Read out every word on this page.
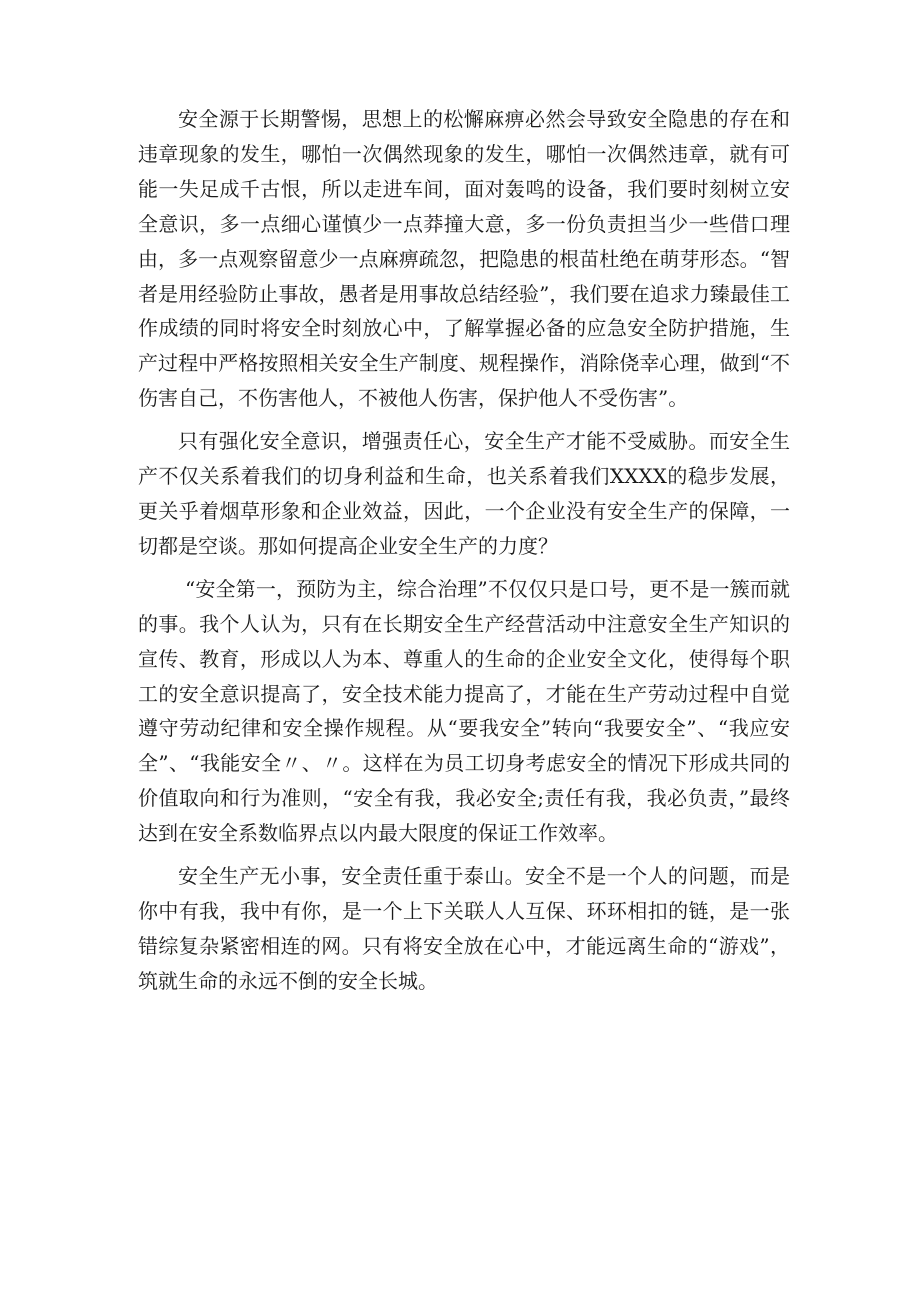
安全源于长期警惕，思想上的松懈麻痹必然会导致安全隐患的存在和违章现象的发生，哪怕一次偶然现象的发生，哪怕一次偶然违章，就有可能一失足成千古恨，所以走进车间，面对轰鸣的设备，我们要时刻树立安全意识，多一点细心谨慎少一点莽撞大意，多一份负责担当少一些借口理由，多一点观察留意少一点麻痹疏忽，把隐患的根苗杜绝在萌芽形态。“智者是用经验防止事故，愚者是用事故总结经验”，我们要在追求力臻最佳工作成绩的同时将安全时刻放心中，了解掌握必备的应急安全防护措施，生产过程中严格按照相关安全生产制度、规程操作，消除侥幸心理，做到“不伤害自己，不伤害他人，不被他人伤害，保护他人不受伤害”。

只有强化安全意识，增强责任心，安全生产才能不受威胁。而安全生产不仅关系着我们的切身利益和生命，也关系着我们XXXX的稳步发展，更关乎着烟草形象和企业效益，因此，一个企业没有安全生产的保障，一切都是空谈。那如何提高企业安全生产的力度？

“安全第一，预防为主，综合治理”不仅仅只是口号，更不是一簇而就的事。我个人认为，只有在长期安全生产经营活动中注意安全生产知识的宣传、教育，形成以人为本、尊重人的生命的企业安全文化，使得每个职工的安全意识提高了，安全技术能力提高了，才能在生产劳动过程中自觉遵守劳动纪律和安全操作规程。从“要我安全”转向“我要安全”、“我应安全”、“我能安全〃、〃。这样在为员工切身考虑安全的情况下形成共同的价值取向和行为准则，“安全有我，我必安全;责任有我，我必负责，”最终达到在安全系数临界点以内最大限度的保证工作效率。

安全生产无小事，安全责任重于泰山。安全不是一个人的问题，而是你中有我，我中有你，是一个上下关联人人互保、环环相扣的链，是一张错综复杂紧密相连的网。只有将安全放在心中，才能远离生命的“游戏”，筑就生命的永远不倒的安全长城。
